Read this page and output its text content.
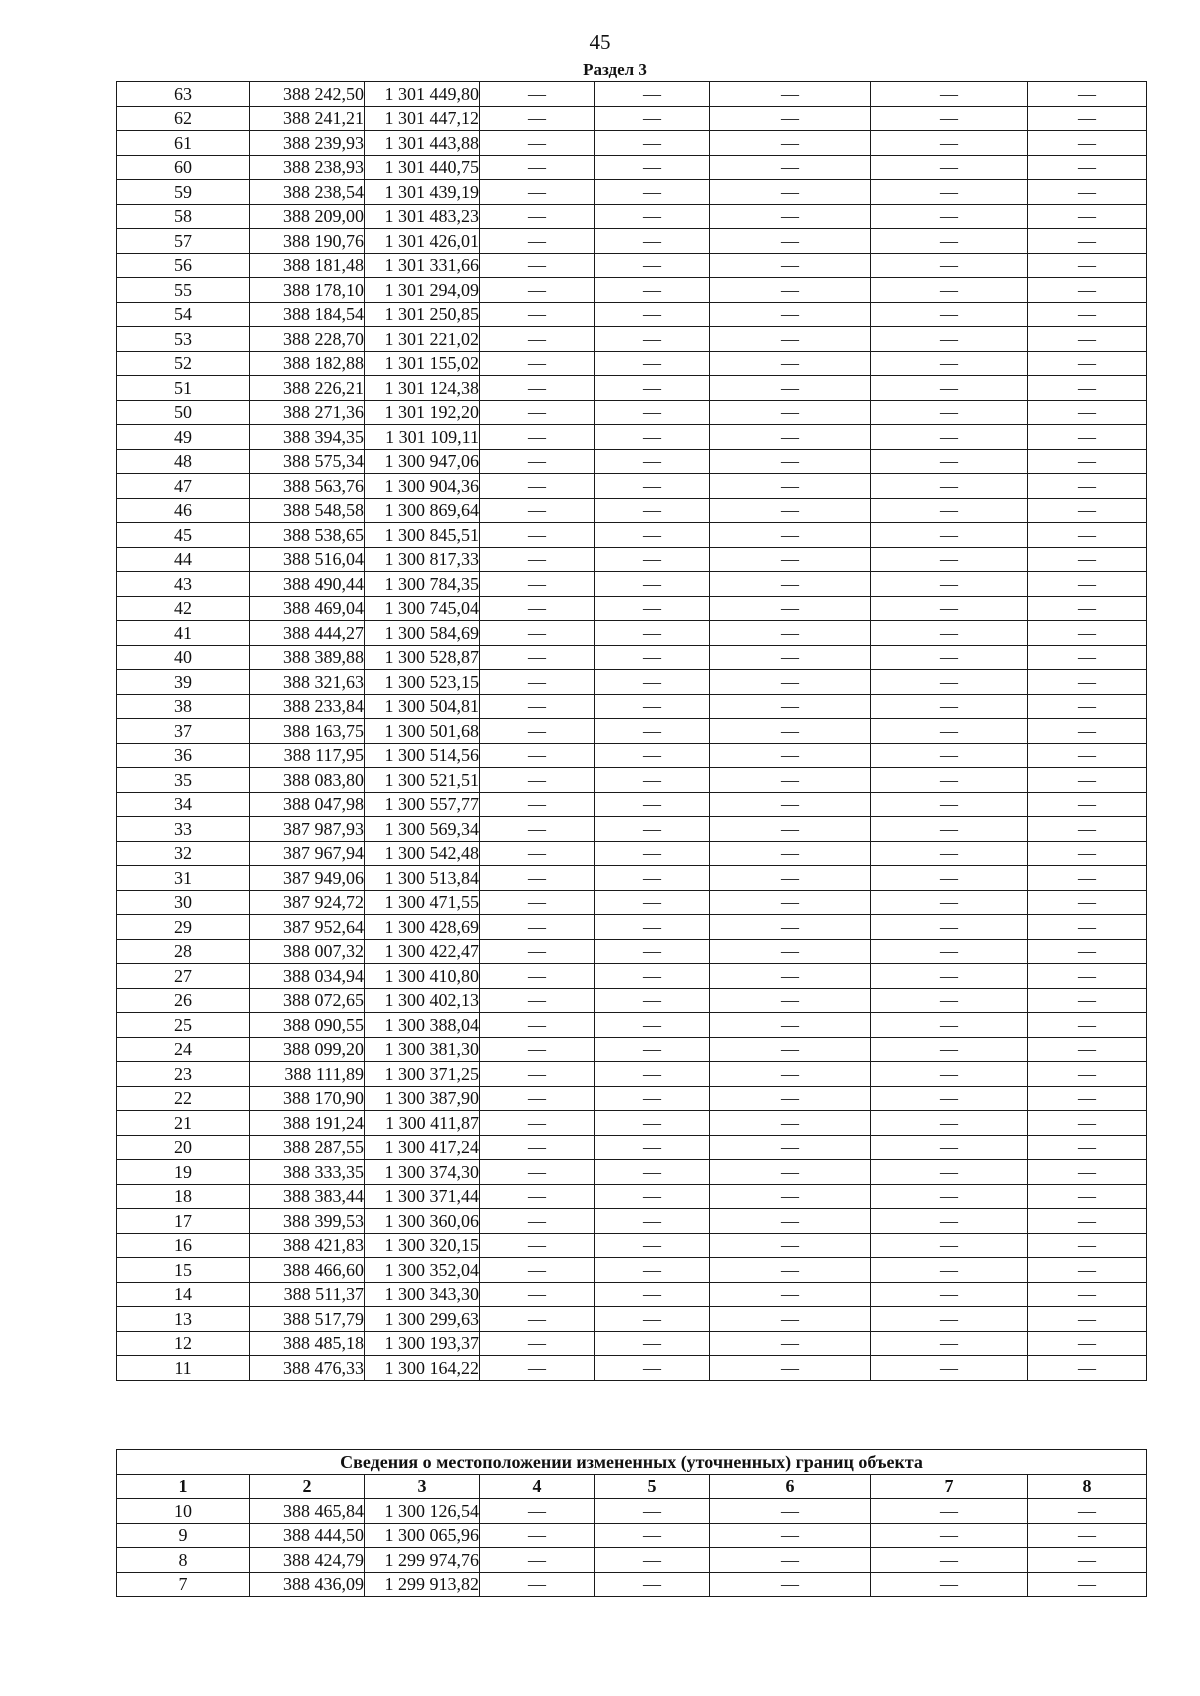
45
Раздел 3
63	388 242,50	1 301 449,80	—	—	—	—	—
62	388 241,21	1 301 447,12	—	—	—	—	—
61	388 239,93	1 301 443,88	—	—	—	—	—
60	388 238,93	1 301 440,75	—	—	—	—	—
59	388 238,54	1 301 439,19	—	—	—	—	—
58	388 209,00	1 301 483,23	—	—	—	—	—
57	388 190,76	1 301 426,01	—	—	—	—	—
56	388 181,48	1 301 331,66	—	—	—	—	—
55	388 178,10	1 301 294,09	—	—	—	—	—
54	388 184,54	1 301 250,85	—	—	—	—	—
53	388 228,70	1 301 221,02	—	—	—	—	—
52	388 182,88	1 301 155,02	—	—	—	—	—
51	388 226,21	1 301 124,38	—	—	—	—	—
50	388 271,36	1 301 192,20	—	—	—	—	—
49	388 394,35	1 301 109,11	—	—	—	—	—
48	388 575,34	1 300 947,06	—	—	—	—	—
47	388 563,76	1 300 904,36	—	—	—	—	—
46	388 548,58	1 300 869,64	—	—	—	—	—
45	388 538,65	1 300 845,51	—	—	—	—	—
44	388 516,04	1 300 817,33	—	—	—	—	—
43	388 490,44	1 300 784,35	—	—	—	—	—
42	388 469,04	1 300 745,04	—	—	—	—	—
41	388 444,27	1 300 584,69	—	—	—	—	—
40	388 389,88	1 300 528,87	—	—	—	—	—
39	388 321,63	1 300 523,15	—	—	—	—	—
38	388 233,84	1 300 504,81	—	—	—	—	—
37	388 163,75	1 300 501,68	—	—	—	—	—
36	388 117,95	1 300 514,56	—	—	—	—	—
35	388 083,80	1 300 521,51	—	—	—	—	—
34	388 047,98	1 300 557,77	—	—	—	—	—
33	387 987,93	1 300 569,34	—	—	—	—	—
32	387 967,94	1 300 542,48	—	—	—	—	—
31	387 949,06	1 300 513,84	—	—	—	—	—
30	387 924,72	1 300 471,55	—	—	—	—	—
29	387 952,64	1 300 428,69	—	—	—	—	—
28	388 007,32	1 300 422,47	—	—	—	—	—
27	388 034,94	1 300 410,80	—	—	—	—	—
26	388 072,65	1 300 402,13	—	—	—	—	—
25	388 090,55	1 300 388,04	—	—	—	—	—
24	388 099,20	1 300 381,30	—	—	—	—	—
23	388 111,89	1 300 371,25	—	—	—	—	—
22	388 170,90	1 300 387,90	—	—	—	—	—
21	388 191,24	1 300 411,87	—	—	—	—	—
20	388 287,55	1 300 417,24	—	—	—	—	—
19	388 333,35	1 300 374,30	—	—	—	—	—
18	388 383,44	1 300 371,44	—	—	—	—	—
17	388 399,53	1 300 360,06	—	—	—	—	—
16	388 421,83	1 300 320,15	—	—	—	—	—
15	388 466,60	1 300 352,04	—	—	—	—	—
14	388 511,37	1 300 343,30	—	—	—	—	—
13	388 517,79	1 300 299,63	—	—	—	—	—
12	388 485,18	1 300 193,37	—	—	—	—	—
11	388 476,33	1 300 164,22	—	—	—	—	—
Сведения о местоположении измененных (уточненных) границ объекта							
1	2	3	4	5	6	7	8
10	388 465,84	1 300 126,54	—	—	—	—	—
9	388 444,50	1 300 065,96	—	—	—	—	—
8	388 424,79	1 299 974,76	—	—	—	—	—
7	388 436,09	1 299 913,82	—	—	—	—	—
